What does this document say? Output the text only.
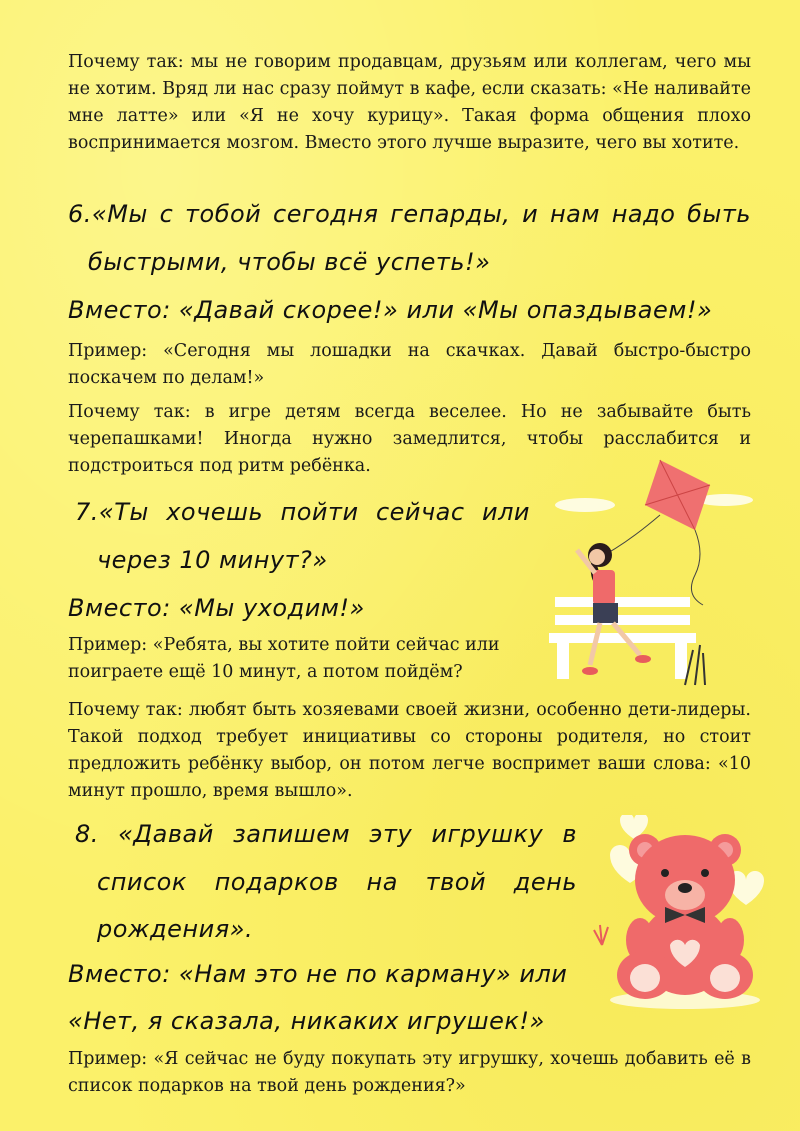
Почему так: мы не говорим продавцам, друзьям или коллегам, чего мы не хотим. Вряд ли нас сразу поймут в кафе, если сказать: «Не наливайте мне латте» или «Я не хочу курицу». Такая форма общения плохо воспринимается мозгом. Вместо этого лучше выразите, чего вы хотите.
6.«Мы с тобой сегодня гепарды, и нам надо быть
быстрыми, чтобы всё успеть!»
Вместо: «Давай скорее!» или «Мы опаздываем!»
Пример: «Сегодня мы лошадки на скачках. Давай быстро-быстро поскачем по делам!»
Почему так: в игре детям всегда веселее. Но не забывайте быть черепашками! Иногда нужно замедлится, чтобы расслабится и подстроиться под ритм ребёнка.
7.«Ты хочешь пойти сейчас или
через 10 минут?»
Вместо: «Мы уходим!»
Пример: «Ребята, вы хотите пойти сейчас или
поиграете ещё 10 минут, а потом пойдём?
Почему так: любят быть хозяевами своей жизни, особенно дети-лидеры. Такой подход требует инициативы со стороны родителя, но стоит предложить ребёнку выбор, он потом легче воспримет ваши слова: «10 минут прошло, время вышло».
8. «Давай запишем эту игрушку в
список подарков на твой день
рождения».
Вместо: «Нам это не по карману» или
«Нет, я сказала, никаких игрушек!»
Пример: «Я сейчас не буду покупать эту игрушку, хочешь добавить её в список подарков на твой день рождения?»
